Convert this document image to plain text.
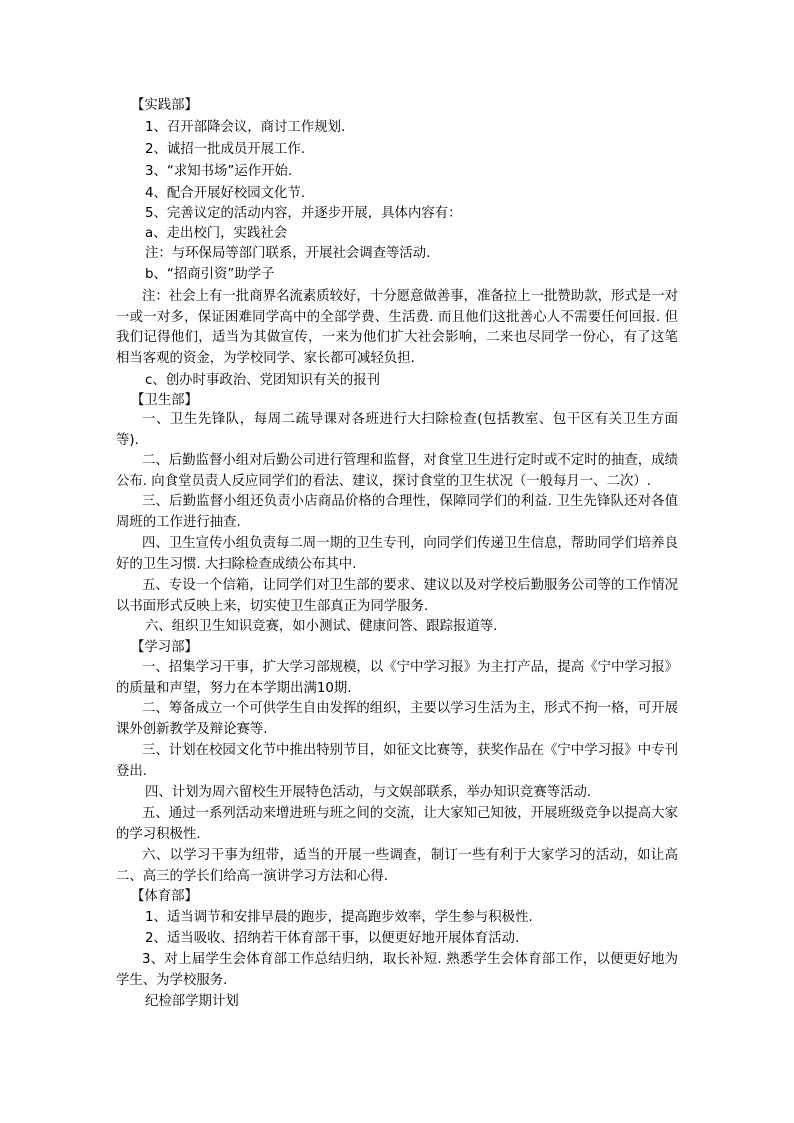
【实践部】
1、召开部降会议，商讨工作规划.
2、诚招一批成员开展工作.
3、“求知书场”运作开始.
4、配合开展好校园文化节.
5、完善议定的活动内容，并逐步开展，具体内容有：
a、走出校门，实践社会
注：与环保局等部门联系，开展社会调查等活动.
b、“招商引资”助学子
注：社会上有一批商界名流素质较好，十分愿意做善事，准备拉上一批赞助款，形式是一对一或一对多，保证困难同学高中的全部学费、生活费. 而且他们这批善心人不需要任何回报. 但我们记得他们，适当为其做宣传，一来为他们扩大社会影响，二来也尽同学一份心，有了这笔相当客观的资金，为学校同学、家长都可减轻负担.
c、创办时事政治、党团知识有关的报刊
【卫生部】
一、卫生先锋队，每周二疏导课对各班进行大扫除检查(包括教室、包干区有关卫生方面等).
二、后勤监督小组对后勤公司进行管理和监督，对食堂卫生进行定时或不定时的抽查，成绩公布. 向食堂员责人反应同学们的看法、建议，探讨食堂的卫生状况（一般每月一、二次）.
三、后勤监督小组还负责小店商品价格的合理性，保障同学们的利益. 卫生先锋队还对各值周班的工作进行抽查.
四、卫生宣传小组负责每二周一期的卫生专刊，向同学们传递卫生信息，帮助同学们培养良好的卫生习惯. 大扫除检查成绩公布其中.
五、专设一个信箱，让同学们对卫生部的要求、建议以及对学校后勤服务公司等的工作情况以书面形式反映上来，切实使卫生部真正为同学服务.
六、组织卫生知识竞赛，如小测试、健康问答、跟踪报道等.
【学习部】
一、招集学习干事，扩大学习部规模，以《宁中学习报》为主打产品，提高《宁中学习报》的质量和声望，努力在本学期出满10期.
二、筹备成立一个可供学生自由发挥的组织，主要以学习生活为主，形式不拘一格，可开展课外创新教学及辩论赛等.
三、计划在校园文化节中推出特别节目，如征文比赛等，获奖作品在《宁中学习报》中专刊登出.
四、计划为周六留校生开展特色活动，与文娱部联系，举办知识竞赛等活动.
五、通过一系列活动来增进班与班之间的交流，让大家知己知彼，开展班级竞争以提高大家的学习积极性.
六、以学习干事为纽带，适当的开展一些调查，制订一些有利于大家学习的活动，如让高二、高三的学长们给高一演讲学习方法和心得.
【体育部】
1、适当调节和安排早晨的跑步，提高跑步效率，学生参与积极性.
2、适当吸收、招纳若干体育部干事，以便更好地开展体育活动.
3、对上届学生会体育部工作总结归纳，取长补短. 熟悉学生会体育部工作，以便更好地为学生、为学校服务.
纪检部学期计划
